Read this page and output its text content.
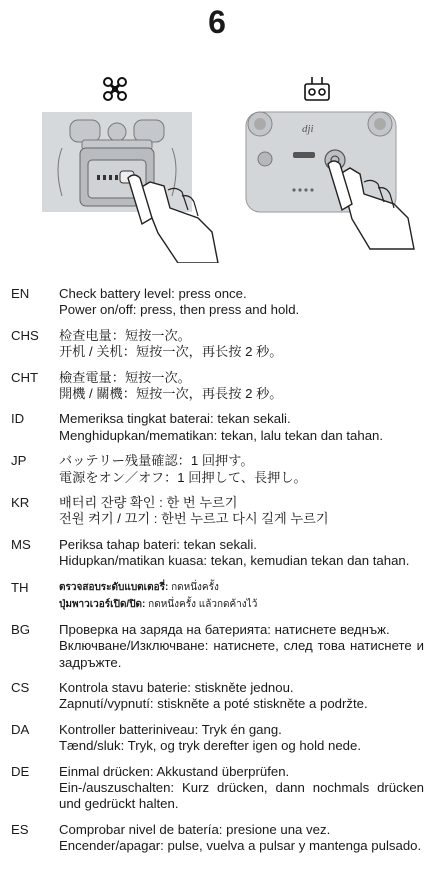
6
dji
EN	Check battery level: press once.
Power on/off: press, then press and hold.
CHS	检查电量：短按一次。
开机 / 关机：短按一次，再长按 2 秒。
CHT	檢查電量：短按一次。
開機 / 關機：短按一次，再長按 2 秒。
ID	Memeriksa tingkat baterai: tekan sekali.
Menghidupkan/mematikan: tekan, lalu tekan dan tahan.
JP	バッテリー残量確認：1 回押す。
電源をオン／オフ：1 回押して、長押し。
KR	배터리 잔량 확인 : 한 번 누르기
전원 켜기 / 끄기 : 한번 누르고 다시 길게 누르기
MS	Periksa tahap bateri: tekan sekali.
Hidupkan/matikan kuasa: tekan, kemudian tekan dan tahan.
TH	ตรวจสอบระดับแบตเตอรี่: กดหนึ่งครั้ง
ปุ่มพาวเวอร์เปิด/ปิด: กดหนึ่งครั้ง แล้วกดค้างไว้
BG	Проверка на заряда на батерията: натиснете веднъж.
Включване/Изключване: натиснете, след това натиснете и задръжте.
CS	Kontrola stavu baterie: stiskněte jednou.
Zapnutí/vypnutí: stiskněte a poté stiskněte a podržte.
DA	Kontroller batteriniveau: Tryk én gang.
Tænd/sluk: Tryk, og tryk derefter igen og hold nede.
DE	Einmal drücken: Akkustand überprüfen.
Ein-/auszuschalten: Kurz drücken, dann nochmals drücken und gedrückt halten.
ES	Comprobar nivel de batería: presione una vez.
Encender/apagar: pulse, vuelva a pulsar y mantenga pulsado.
